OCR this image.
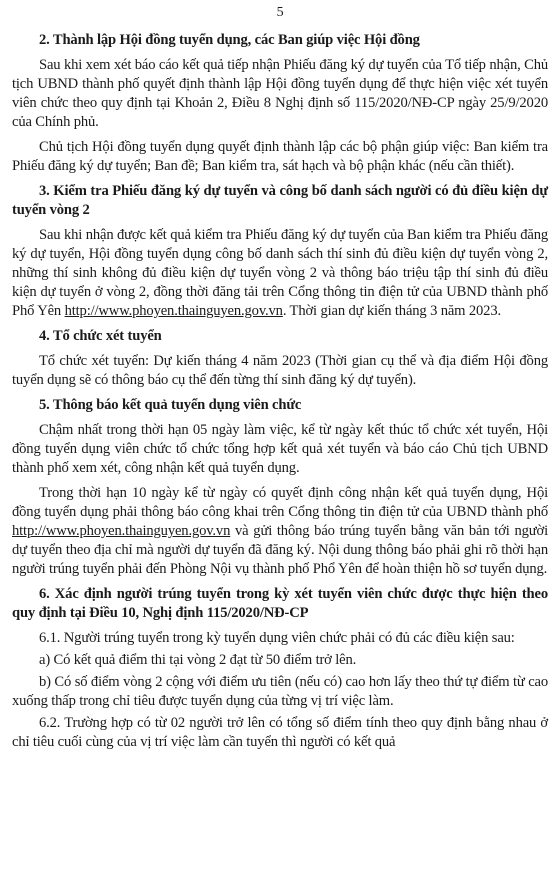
5
2. Thành lập Hội đồng tuyển dụng, các Ban giúp việc Hội đồng

Sau khi xem xét báo cáo kết quả tiếp nhận Phiếu đăng ký dự tuyển của Tổ tiếp nhận, Chủ tịch UBND thành phố quyết định thành lập Hội đồng tuyển dụng để thực hiện việc xét tuyển viên chức theo quy định tại Khoản 2, Điều 8 Nghị định số 115/2020/NĐ-CP ngày 25/9/2020 của Chính phủ.

Chủ tịch Hội đồng tuyển dụng quyết định thành lập các bộ phận giúp việc: Ban kiểm tra Phiếu đăng ký dự tuyển; Ban đề; Ban kiểm tra, sát hạch và bộ phận khác (nếu cần thiết).

3. Kiểm tra Phiếu đăng ký dự tuyển và công bố danh sách người có đủ điều kiện dự tuyển vòng 2

Sau khi nhận được kết quả kiểm tra Phiếu đăng ký dự tuyển của Ban kiểm tra Phiếu đăng ký dự tuyển, Hội đồng tuyển dụng công bố danh sách thí sinh đủ điều kiện dự tuyển vòng 2, những thí sinh không đủ điều kiện dự tuyển vòng 2 và thông báo triệu tập thí sinh đủ điều kiện dự tuyển ở vòng 2, đồng thời đăng tải trên Cổng thông tin điện tử của UBND thành phố Phổ Yên http://www.phoyen.thainguyen.gov.vn. Thời gian dự kiến tháng 3 năm 2023.

4. Tổ chức xét tuyển

Tổ chức xét tuyển: Dự kiến tháng 4 năm 2023 (Thời gian cụ thể và địa điểm Hội đồng tuyển dụng sẽ có thông báo cụ thể đến từng thí sinh đăng ký dự tuyển).

5. Thông báo kết quả tuyển dụng viên chức

Chậm nhất trong thời hạn 05 ngày làm việc, kể từ ngày kết thúc tổ chức xét tuyển, Hội đồng tuyển dụng viên chức tổ chức tổng hợp kết quả xét tuyển và báo cáo Chủ tịch UBND thành phố xem xét, công nhận kết quả tuyển dụng.

Trong thời hạn 10 ngày kể từ ngày có quyết định công nhận kết quả tuyển dụng, Hội đồng tuyển dụng phải thông báo công khai trên Cổng thông tin điện tử của UBND thành phố http://www.phoyen.thainguyen.gov.vn và gửi thông báo trúng tuyển bằng văn bản tới người dự tuyển theo địa chỉ mà người dự tuyển đã đăng ký. Nội dung thông báo phải ghi rõ thời hạn người trúng tuyển phải đến Phòng Nội vụ thành phố Phổ Yên để hoàn thiện hồ sơ tuyển dụng.

6. Xác định người trúng tuyển trong kỳ xét tuyển viên chức được thực hiện theo quy định tại Điều 10, Nghị định 115/2020/NĐ-CP

6.1. Người trúng tuyển trong kỳ tuyển dụng viên chức phải có đủ các điều kiện sau:

a) Có kết quả điểm thi tại vòng 2 đạt từ 50 điểm trở lên.

b) Có số điểm vòng 2 cộng với điểm ưu tiên (nếu có) cao hơn lấy theo thứ tự điểm từ cao xuống thấp trong chỉ tiêu được tuyển dụng của từng vị trí việc làm.

6.2. Trường hợp có từ 02 người trở lên có tổng số điểm tính theo quy định bằng nhau ở chỉ tiêu cuối cùng của vị trí việc làm cần tuyển thì người có kết quả
